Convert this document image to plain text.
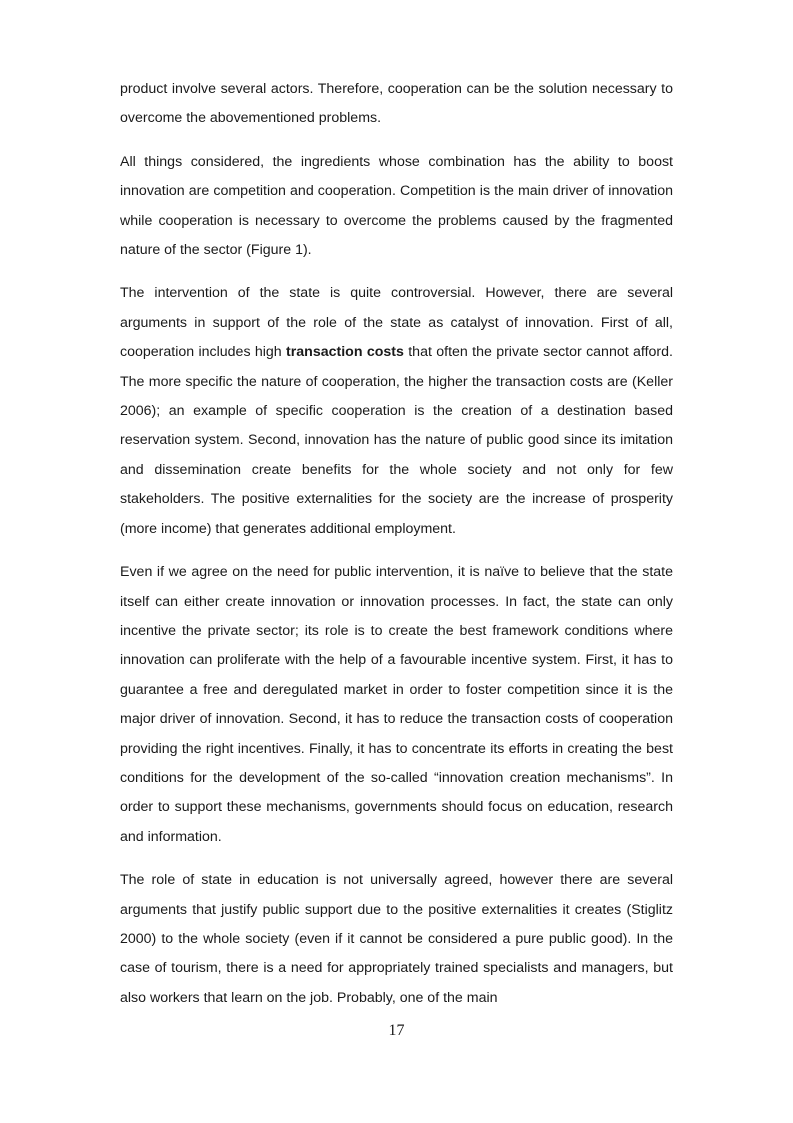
product involve several actors. Therefore, cooperation can be the solution necessary to overcome the abovementioned problems.

All things considered, the ingredients whose combination has the ability to boost innovation are competition and cooperation. Competition is the main driver of innovation while cooperation is necessary to overcome the problems caused by the fragmented nature of the sector (Figure 1).

The intervention of the state is quite controversial. However, there are several arguments in support of the role of the state as catalyst of innovation. First of all, cooperation includes high transaction costs that often the private sector cannot afford. The more specific the nature of cooperation, the higher the transaction costs are (Keller 2006); an example of specific cooperation is the creation of a destination based reservation system. Second, innovation has the nature of public good since its imitation and dissemination create benefits for the whole society and not only for few stakeholders. The positive externalities for the society are the increase of prosperity (more income) that generates additional employment.

Even if we agree on the need for public intervention, it is naïve to believe that the state itself can either create innovation or innovation processes. In fact, the state can only incentive the private sector; its role is to create the best framework conditions where innovation can proliferate with the help of a favourable incentive system. First, it has to guarantee a free and deregulated market in order to foster competition since it is the major driver of innovation. Second, it has to reduce the transaction costs of cooperation providing the right incentives. Finally, it has to concentrate its efforts in creating the best conditions for the development of the so-called “innovation creation mechanisms”. In order to support these mechanisms, governments should focus on education, research and information.

The role of state in education is not universally agreed, however there are several arguments that justify public support due to the positive externalities it creates (Stiglitz 2000) to the whole society (even if it cannot be considered a pure public good). In the case of tourism, there is a need for appropriately trained specialists and managers, but also workers that learn on the job. Probably, one of the main

17
